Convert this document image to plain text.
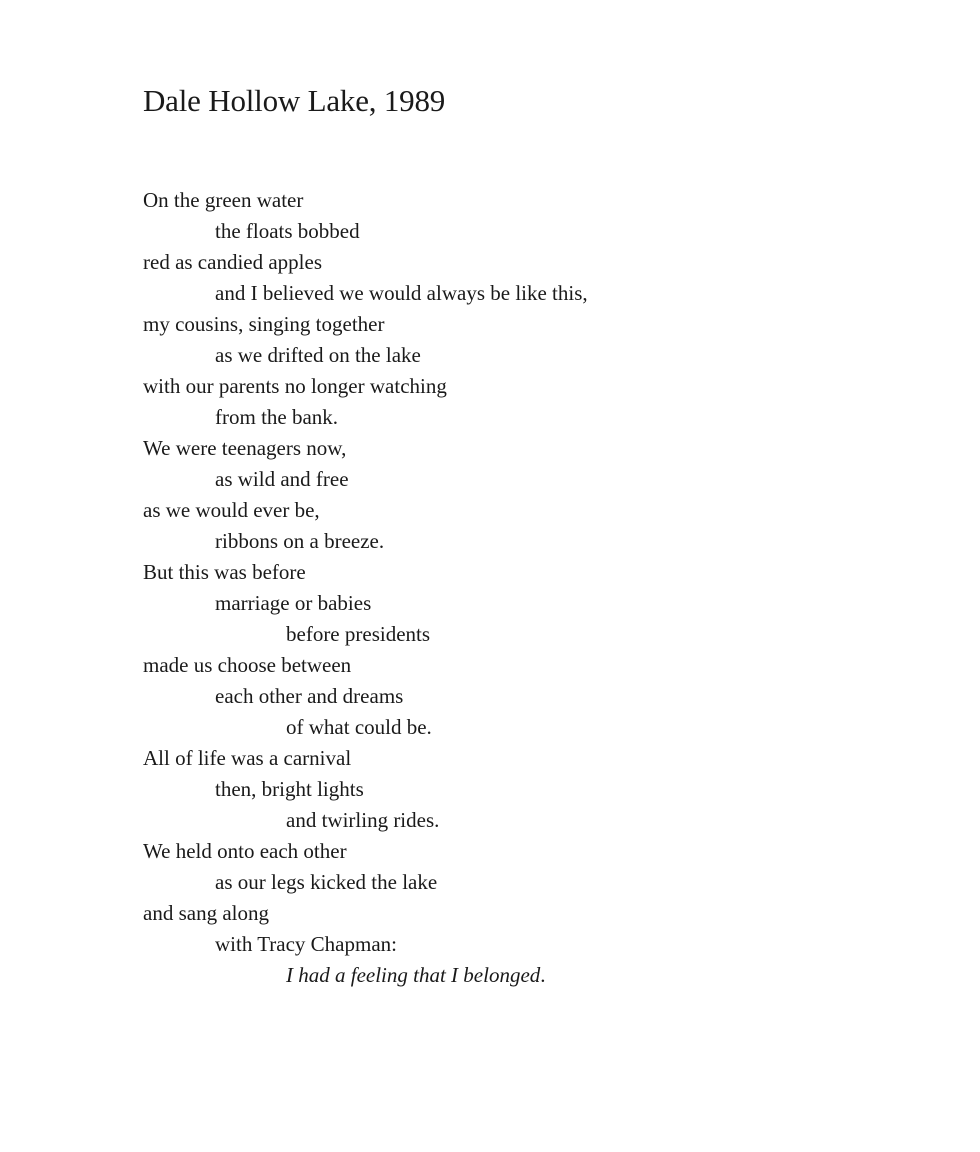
Dale Hollow Lake, 1989
On the green water
the floats bobbed
red as candied apples
and I believed we would always be like this,
my cousins, singing together
as we drifted on the lake
with our parents no longer watching
from the bank.
We were teenagers now,
as wild and free
as we would ever be,
ribbons on a breeze.
But this was before
marriage or babies
before presidents
made us choose between
each other and dreams
of what could be.
All of life was a carnival
then, bright lights
and twirling rides.
We held onto each other
as our legs kicked the lake
and sang along
with Tracy Chapman:
I had a feeling that I belonged.
